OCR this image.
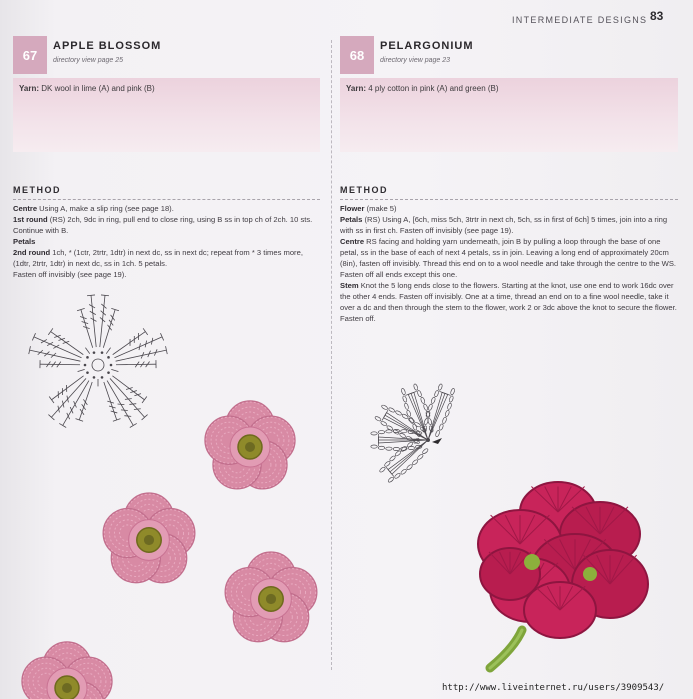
INTERMEDIATE DESIGNS 83
67
APPLE BLOSSOM
directory view page 25
Yarn: DK wool in lime (A) and pink (B)
METHOD

Centre Using A, make a slip ring (see page 18).

1st round (RS) 2ch, 9dc in ring, pull end to close ring, using B ss in top ch of 2ch. 10 sts. Continue with B.

Petals

2nd round 1ch, * (1ctr, 2trtr, 1dtr) in next dc, ss in next dc; repeat from * 3 times more, (1dtr, 2trtr, 1dtr) in next dc, ss in 1ch. 5 petals.

Fasten off invisibly (see page 19).

68
PELARGONIUM
directory view page 23
Yarn: 4 ply cotton in pink (A) and green (B)
METHOD

Flower (make 5)

Petals (RS) Using A, [6ch, miss 5ch, 3trtr in next ch, 5ch, ss in first of 6ch] 5 times, join into a ring with ss in first ch. Fasten off invisibly (see page 19).

Centre RS facing and holding yarn underneath, join B by pulling a loop through the base of one petal, ss in the base of each of next 4 petals, ss in join. Leaving a long end of approximately 20cm (8in), fasten off invisibly. Thread this end on to a wool needle and take through the centre to the WS. Fasten off all ends except this one.

Stem Knot the 5 long ends close to the flowers. Starting at the knot, use one end to work 16dc over the other 4 ends. Fasten off invisibly. One at a time, thread an end on to a fine wool needle, take it over a dc and then through the stem to the flower, work 2 or 3dc above the knot to secure the flower. Fasten off.

http://www.liveinternet.ru/users/3909543/
